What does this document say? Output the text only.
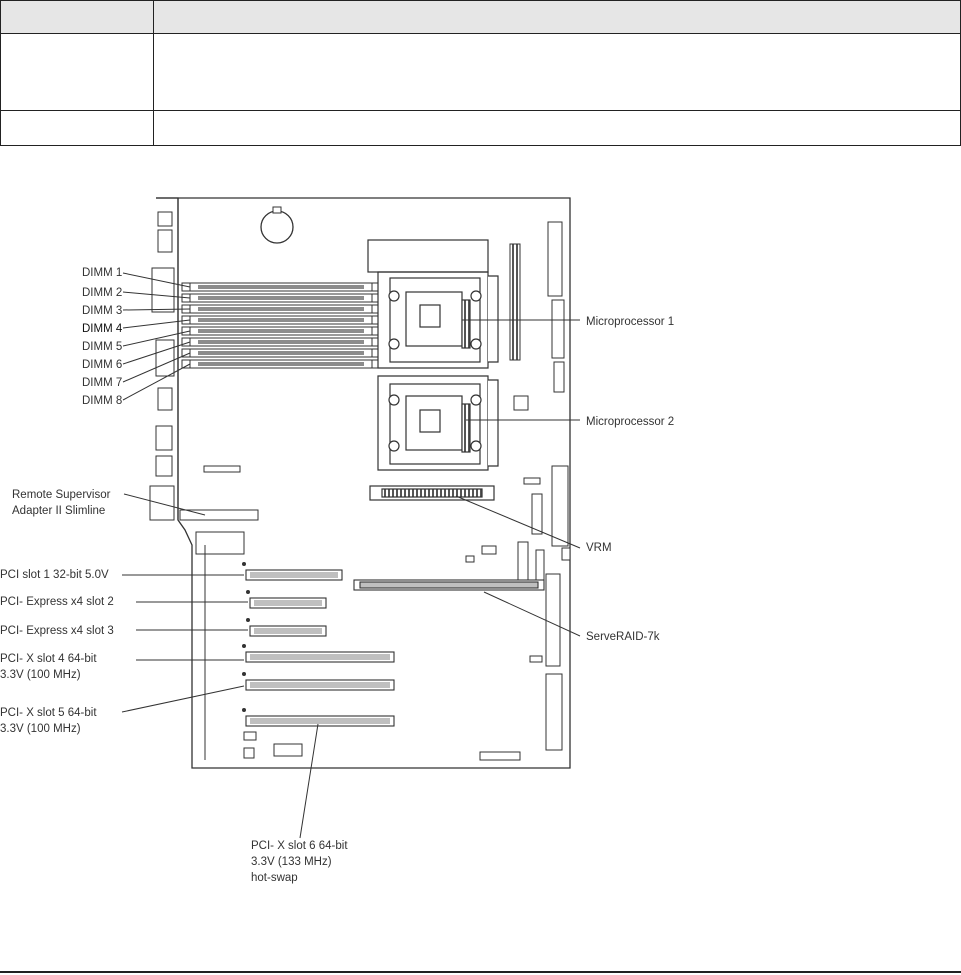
DIMM 1
DIMM 2
DIMM 3
DIMM 4
DIMM 5
DIMM 6
DIMM 7
DIMM 8
Remote Supervisor
Adapter II Slimline
PCI slot 1 32-bit 5.0V
PCI- Express x4 slot 2
PCI- Express x4 slot 3
PCI- X slot 4 64-bit
3.3V (100 MHz)
PCI- X slot 5 64-bit
3.3V (100 MHz)
PCI- X slot 6 64-bit
3.3V (133 MHz)
hot-swap
Microprocessor 1
Microprocessor 2
VRM
ServeRAID-7k
